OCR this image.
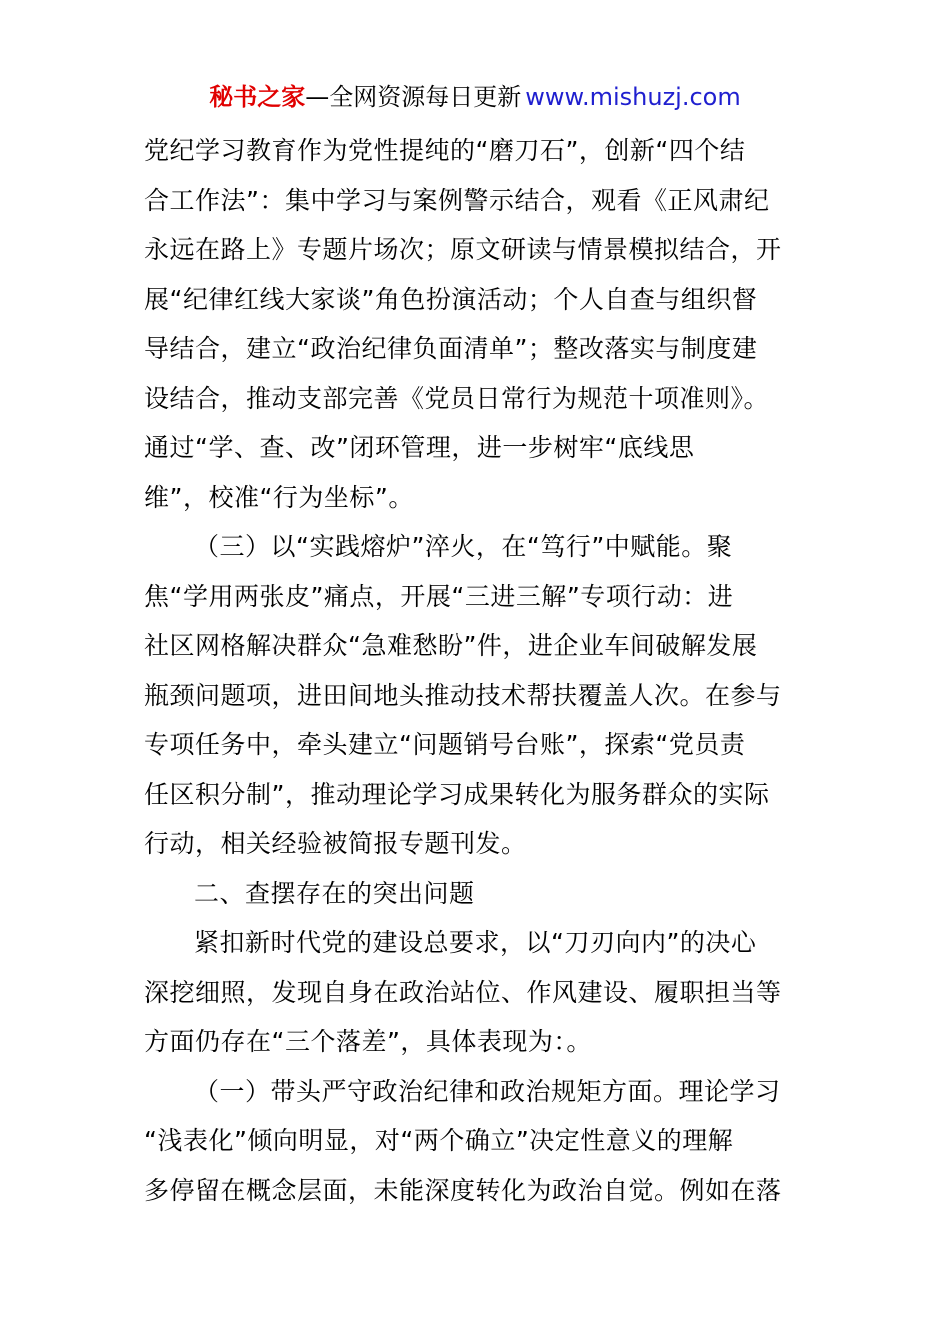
秘书之家—全网资源每日更新 www.mishuzj.com
党纪学习教育作为党性提纯的“磨刀石”，创新“四个结
合工作法”：集中学习与案例警示结合，观看《正风肃纪
永远在路上》专题片场次；原文研读与情景模拟结合，开
展“纪律红线大家谈”角色扮演活动；个人自查与组织督
导结合，建立“政治纪律负面清单”；整改落实与制度建
设结合，推动支部完善《党员日常行为规范十项准则》。
通过“学、查、改”闭环管理，进一步树牢“底线思
维”，校准“行为坐标”。
（三）以“实践熔炉”淬火，在“笃行”中赋能。聚
焦“学用两张皮”痛点，开展“三进三解”专项行动：进
社区网格解决群众“急难愁盼”件，进企业车间破解发展
瓶颈问题项，进田间地头推动技术帮扶覆盖人次。在参与
专项任务中，牵头建立“问题销号台账”，探索“党员责
任区积分制”，推动理论学习成果转化为服务群众的实际
行动，相关经验被简报专题刊发。
二、查摆存在的突出问题
紧扣新时代党的建设总要求，以“刀刃向内”的决心
深挖细照，发现自身在政治站位、作风建设、履职担当等
方面仍存在“三个落差”，具体表现为：。
（一）带头严守政治纪律和政治规矩方面。理论学习
“浅表化”倾向明显，对“两个确立”决定性意义的理解
多停留在概念层面，未能深度转化为政治自觉。例如在落
